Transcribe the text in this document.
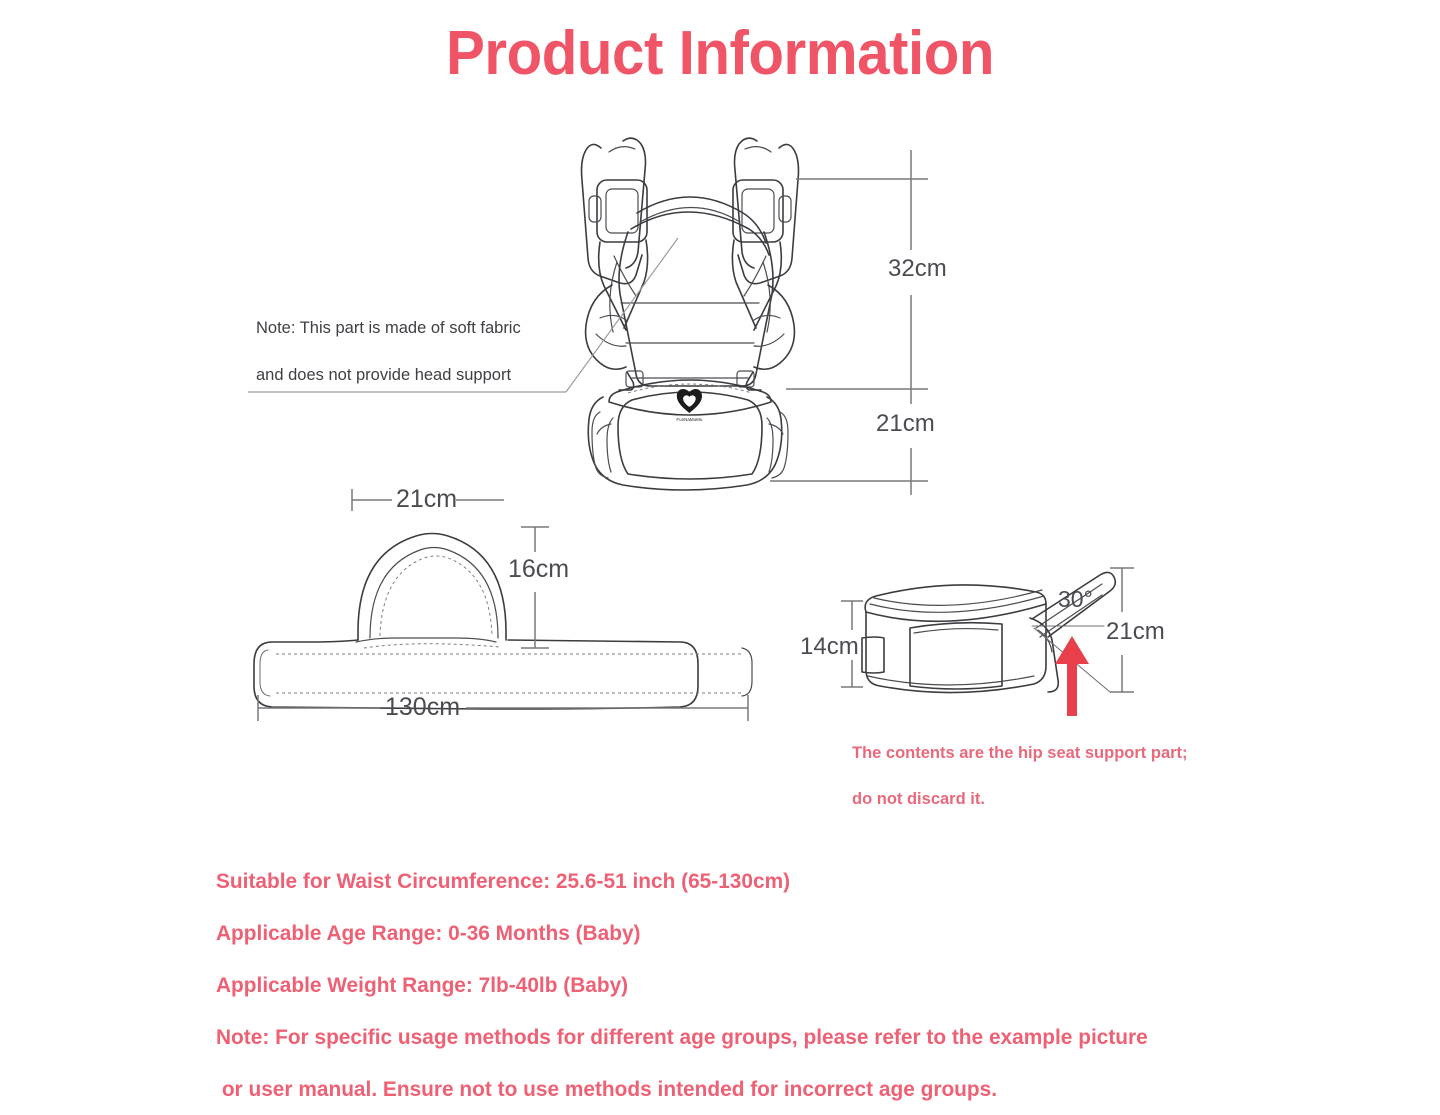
Product Information
FunNaMuMu
Note: This part is made of soft fabric
and does not provide head support
32cm
21cm
21cm
16cm
130cm
14cm
21cm
30°
The contents are the hip seat support part;
do not discard it.
Suitable for Waist Circumference: 25.6-51 inch (65-130cm)
Applicable Age Range: 0-36 Months (Baby)
Applicable Weight Range: 7lb-40lb (Baby)
Note: For specific usage methods for different age groups, please refer to the example picture
or user manual. Ensure not to use methods intended for incorrect age groups.
